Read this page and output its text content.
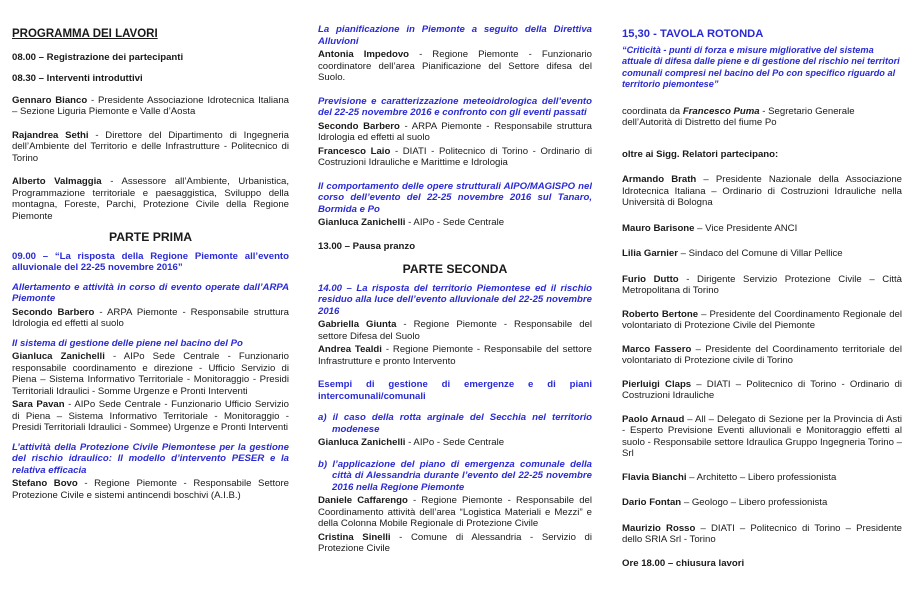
PROGRAMMA DEI LAVORI
08.00 – Registrazione dei partecipanti
08.30 – Interventi introduttivi
Gennaro Bianco - Presidente Associazione Idrotecnica Italiana – Sezione Liguria Piemonte e Valle d’Aosta
Rajandrea Sethi - Direttore del Dipartimento di Ingegneria dell’Ambiente del Territorio e delle Infrastrutture - Politecnico di Torino
Alberto Valmaggia - Assessore all’Ambiente, Urbanistica, Programmazione territoriale e paesaggistica, Sviluppo della montagna, Foreste, Parchi, Protezione Civile della Regione Piemonte
PARTE PRIMA
09.00 – “La risposta della Regione Piemonte all’evento alluvionale del 22-25 novembre 2016”
Allertamento e attività in corso di evento operate dall’ARPA Piemonte
Secondo Barbero - ARPA Piemonte - Responsabile struttura Idrologia ed effetti al suolo
Il sistema di gestione delle piene nel bacino del Po
Gianluca Zanichelli - AIPo Sede Centrale - Funzionario responsabile coordinamento e direzione - Ufficio Servizio di Piena – Sistema Informativo Territoriale - Monitoraggio - Presidi Territoriali Idraulici - Somme Urgenze e Pronti Interventi
Sara Pavan - AIPo Sede Centrale - Funzionario Ufficio Servizio di Piena – Sistema Informativo Territoriale - Monitoraggio - Presidi Territoriali Idraulici - Sommee) Urgenze e Pronti Interventi
L’attività della Protezione Civile Piemontese per la gestione del rischio idraulico: Il modello d’intervento PESER e la relativa efficacia
Stefano Bovo - Regione Piemonte - Responsabile Settore Protezione Civile e sistemi antincendi boschivi (A.I.B.)
La pianificazione in Piemonte a seguito della Direttiva Alluvioni
Antonia Impedovo - Regione Piemonte - Funzionario coordinatore dell’area Pianificazione del Settore difesa del Suolo.
Previsione e caratterizzazione meteoidrologica dell’evento del 22-25 novembre 2016 e confronto con gli eventi passati
Secondo Barbero - ARPA Piemonte - Responsabile struttura Idrologia ed effetti al suolo
Francesco Laio - DIATI - Politecnico di Torino - Ordinario di Costruzioni Idrauliche e Marittime e Idrologia
Il comportamento delle opere strutturali AIPO/MAGISPO nel corso dell’evento del 22-25 novembre 2016 sul Tanaro, Bormida e Po
Gianluca Zanichelli - AIPo - Sede Centrale
13.00 – Pausa pranzo
PARTE SECONDA
14.00 – La risposta del territorio Piemontese ed il rischio residuo alla luce dell’evento alluvionale del 22-25 novembre 2016
Gabriella Giunta - Regione Piemonte - Responsabile del settore Difesa del Suolo
Andrea Tealdi - Regione Piemonte - Responsabile del settore Infrastrutture e pronto Intervento
Esempi di gestione di emergenze e di piani intercomunali/comunali
a) il caso della rotta arginale del Secchia nel territorio modenese
Gianluca Zanichelli - AIPo - Sede Centrale
b) l’applicazione del piano di emergenza comunale della città di Alessandria durante l’evento del 22-25 novembre 2016 nella Regione Piemonte
Daniele Caffarengo - Regione Piemonte - Responsabile del Coordinamento attività dell’area “Logistica Materiali e Mezzi” e della Colonna Mobile Regionale di Protezione Civile
Cristina Sinelli - Comune di Alessandria - Servizio di Protezione Civile
15,30 - TAVOLA ROTONDA
“Criticità - punti di forza e misure migliorative del sistema attuale di difesa dalle piene e di gestione del rischio nei territori comunali compresi nel bacino del Po con specifico riguardo al territorio piemontese”
coordinata da Francesco Puma - Segretario Generale dell’Autorità di Distretto del fiume Po
oltre ai Sigg. Relatori partecipano:
Armando Brath – Presidente Nazionale della Associazione Idrotecnica Italiana – Ordinario di Costruzioni Idrauliche nella Università di Bologna
Mauro Barisone – Vice Presidente ANCI
Lilia Garnier – Sindaco del Comune di Villar Pellice
Furio Dutto - Dirigente Servizio Protezione Civile – Città Metropolitana di Torino
Roberto Bertone – Presidente del Coordinamento Regionale del volontariato di Protezione Civile del Piemonte
Marco Fassero – Presidente del Coordinamento territoriale del volontariato di Protezione civile di Torino
Pierluigi Claps – DIATI – Politecnico di Torino - Ordinario di Costruzioni Idrauliche
Paolo Arnaud – All – Delegato di Sezione per la Provincia di Asti - Esperto Previsione Eventi alluvionali e Monitoraggio effetti al suolo - Responsabile settore Idraulica Gruppo Ingegneria Torino – Srl
Flavia Bianchi – Architetto – Libero professionista
Dario Fontan – Geologo – Libero professionista
Maurizio Rosso – DIATI – Politecnico di Torino – Presidente dello SRIA Srl - Torino
Ore 18.00 – chiusura lavori
